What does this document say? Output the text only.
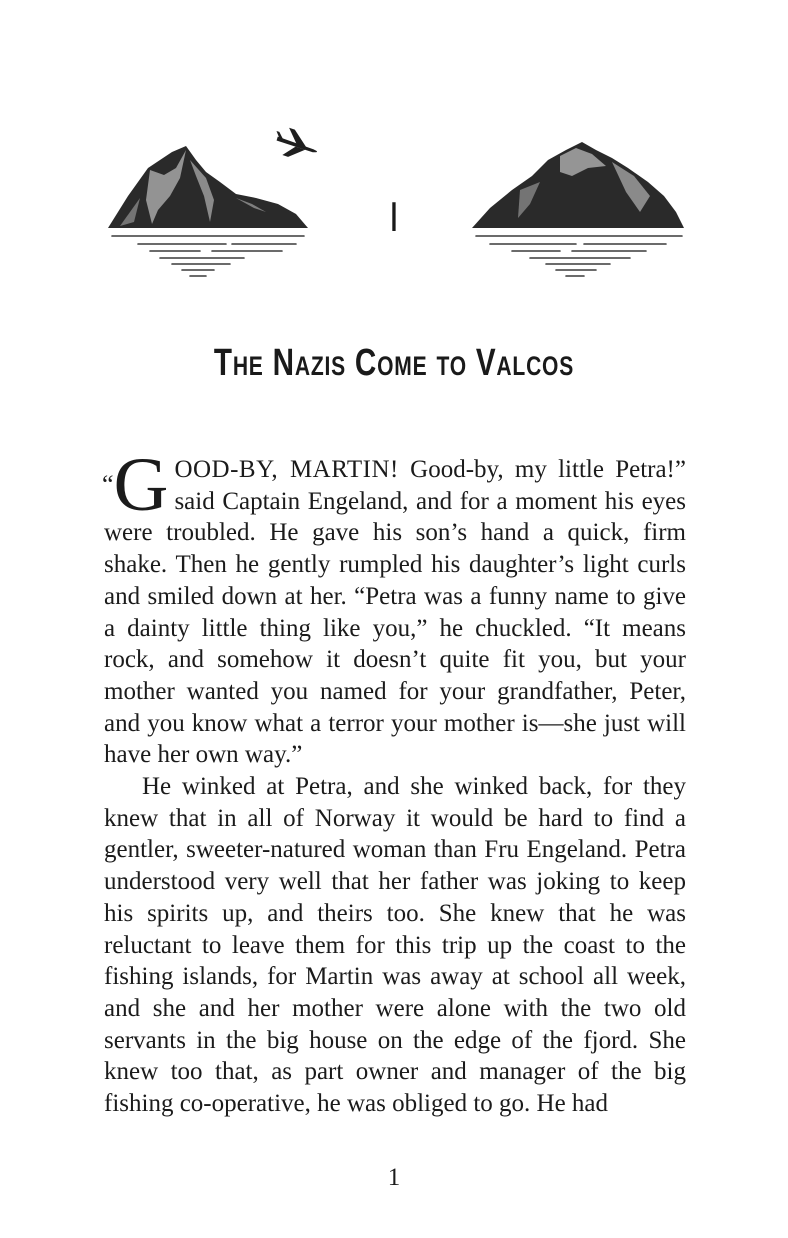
I
The Nazis Come to Valcos

“G OOD-BY, MARTIN! Good-by, my little Petra!” said Captain Engeland, and for a moment his eyes were troubled. He gave his son’s hand a quick, firm shake. Then he gently rumpled his daughter’s light curls and smiled down at her. “Petra was a funny name to give a dainty little thing like you,” he chuckled. “It means rock, and somehow it doesn’t quite fit you, but your mother wanted you named for your grandfather, Peter, and you know what a terror your mother is—she just will have her own way.”

He winked at Petra, and she winked back, for they knew that in all of Norway it would be hard to find a gentler, sweeter-natured woman than Fru Engeland. Petra understood very well that her father was joking to keep his spirits up, and theirs too. She knew that he was reluctant to leave them for this trip up the coast to the fishing islands, for Martin was away at school all week, and she and her mother were alone with the two old servants in the big house on the edge of the fjord. She knew too that, as part owner and manager of the big fishing co-operative, he was obliged to go. He had

1
